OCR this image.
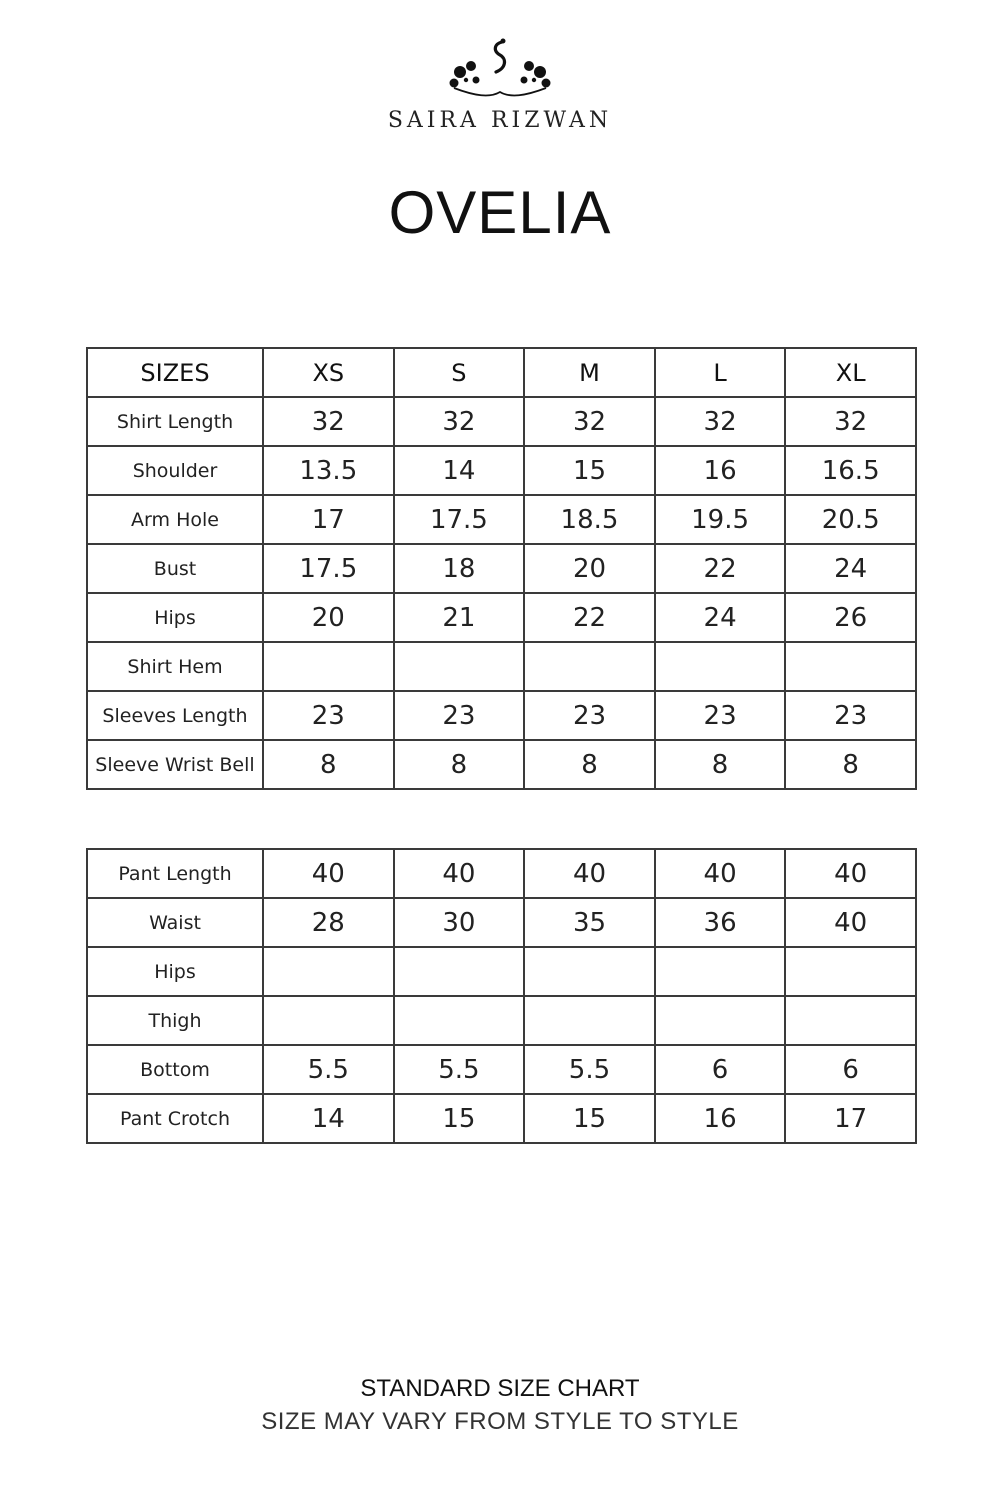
SAIRA RIZWAN
OVELIA
SIZES	XS	S	M	L	XL
Shirt Length	32	32	32	32	32
Shoulder	13.5	14	15	16	16.5
Arm Hole	17	17.5	18.5	19.5	20.5
Bust	17.5	18	20	22	24
Hips	20	21	22	24	26
Shirt Hem					
Sleeves Length	23	23	23	23	23
Sleeve Wrist Bell	8	8	8	8	8
Pant Length	40	40	40	40	40
Waist	28	30	35	36	40
Hips					
Thigh					
Bottom	5.5	5.5	5.5	6	6
Pant Crotch	14	15	15	16	17
STANDARD SIZE CHART
SIZE MAY VARY FROM STYLE TO STYLE
